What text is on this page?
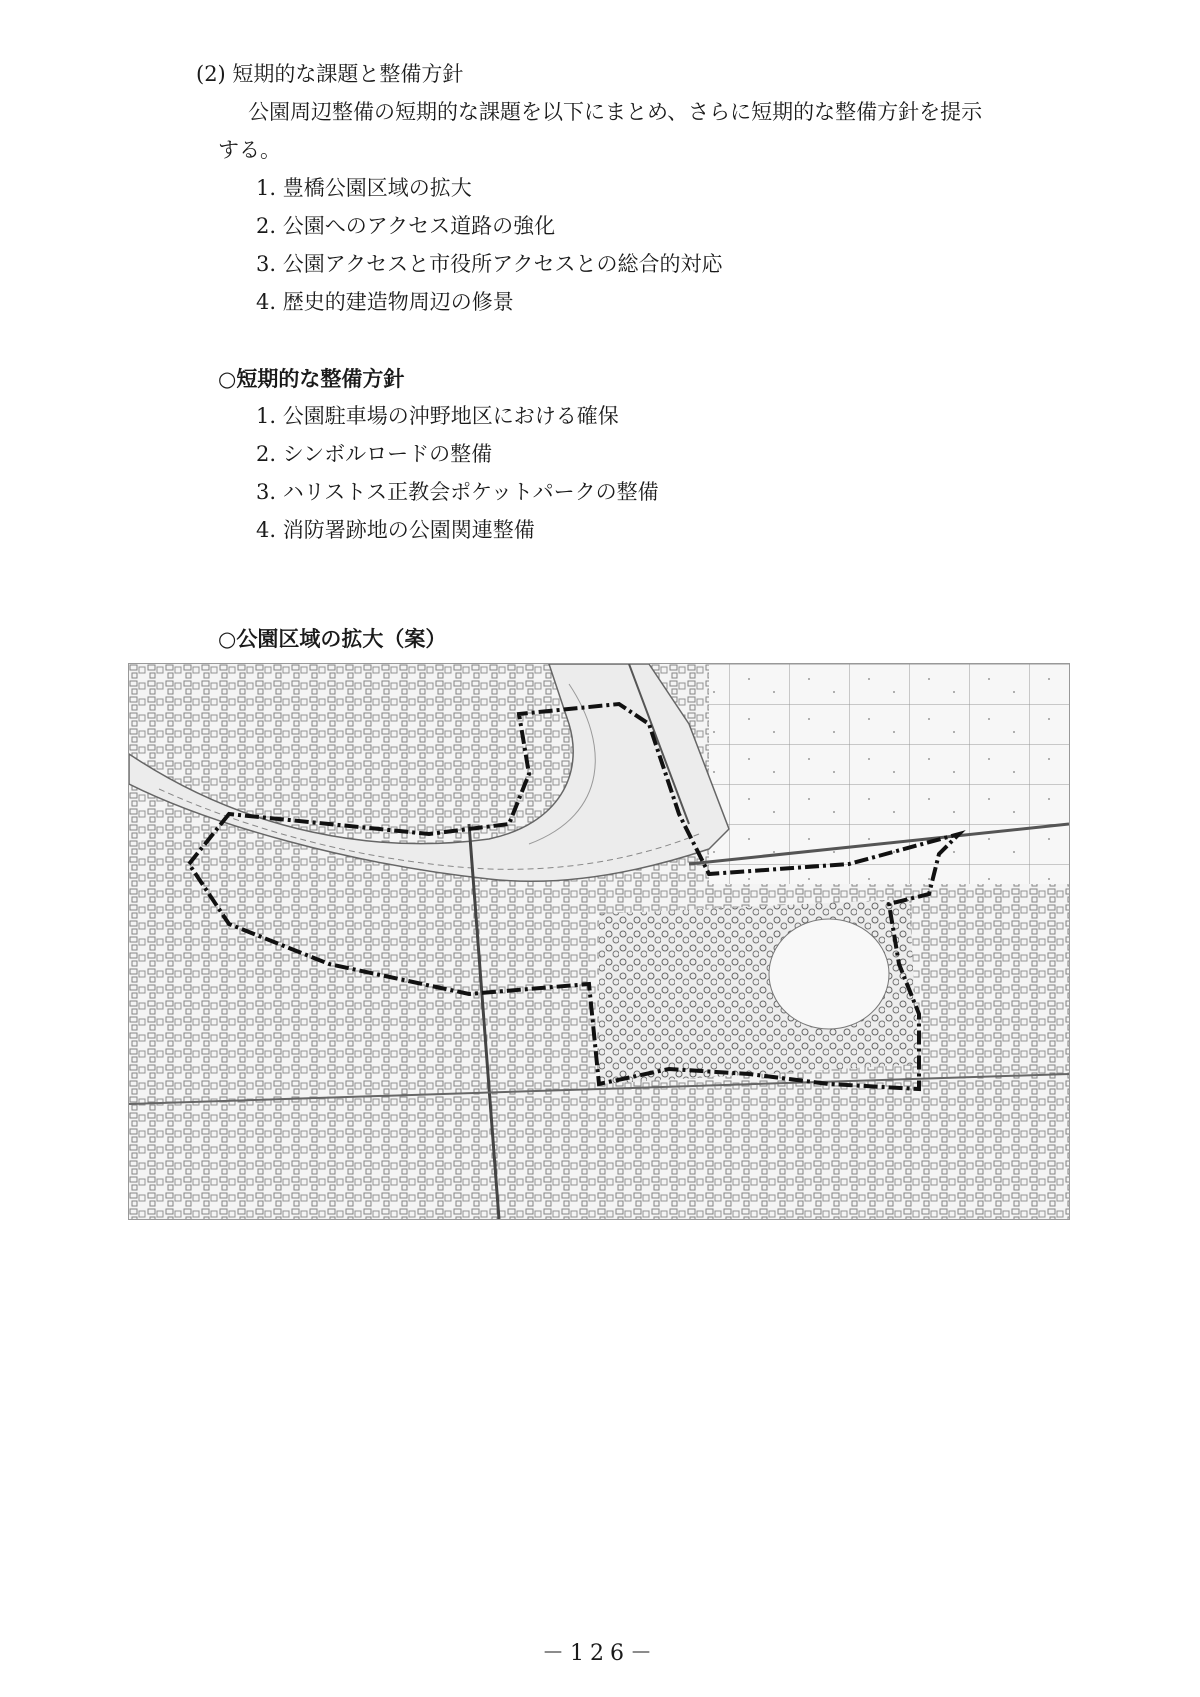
(2) 短期的な課題と整備方針
公園周辺整備の短期的な課題を以下にまとめ、さらに短期的な整備方針を提示
する。
1. 豊橋公園区域の拡大
2. 公園へのアクセス道路の強化
3. 公園アクセスと市役所アクセスとの総合的対応
4. 歴史的建造物周辺の修景
○短期的な整備方針
1. 公園駐車場の沖野地区における確保
2. シンボルロードの整備
3. ハリストス正教会ポケットパークの整備
4. 消防署跡地の公園関連整備
○公園区域の拡大（案）
－126－
